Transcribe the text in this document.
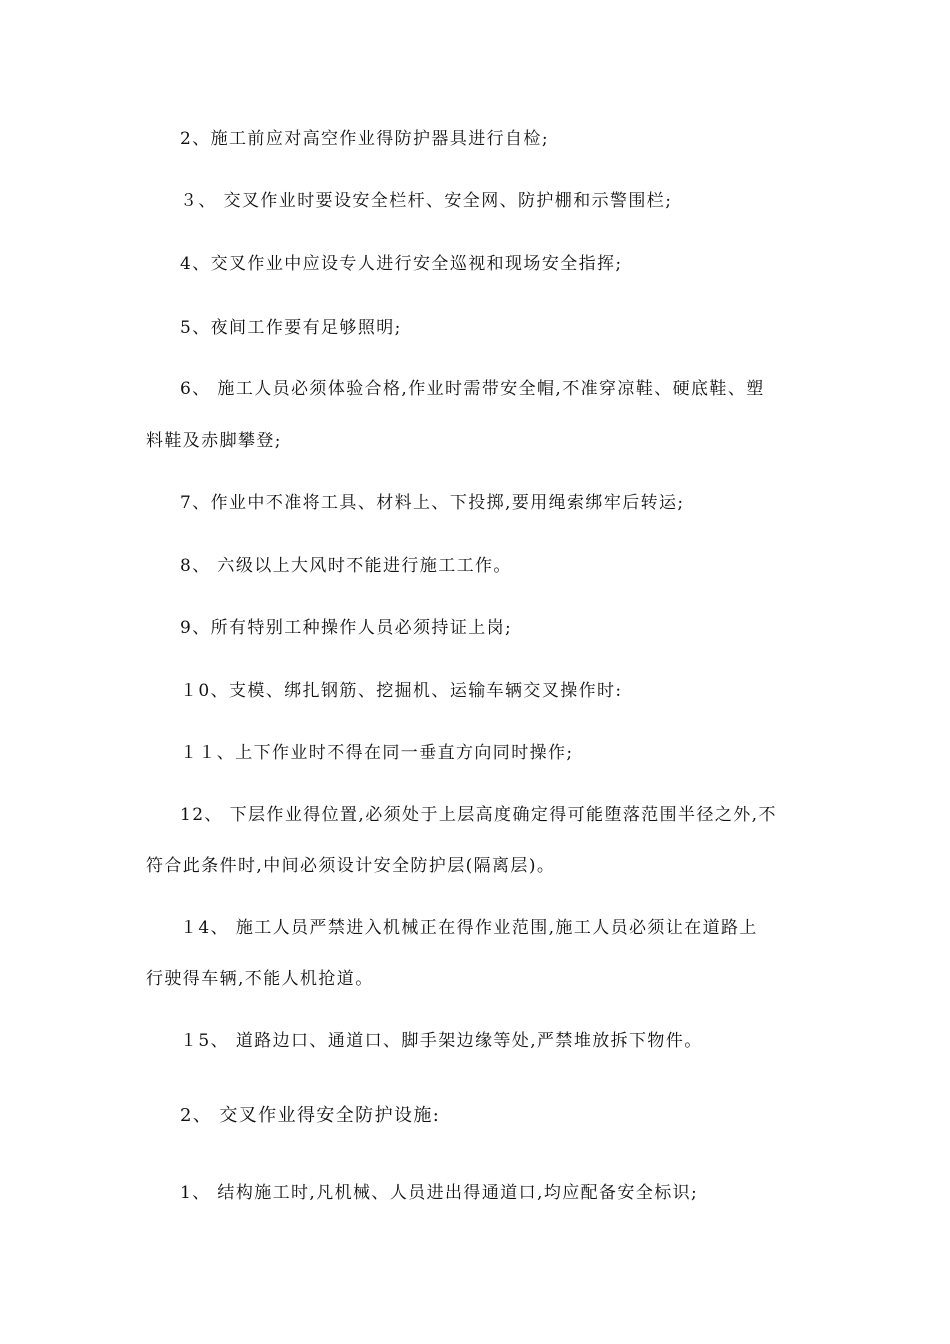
2、施工前应对高空作业得防护器具进行自检;
３、 交叉作业时要设安全栏杆、安全网、防护棚和示警围栏;
4、交叉作业中应设专人进行安全巡视和现场安全指挥;
5、夜间工作要有足够照明;
6、 施工人员必须体验合格,作业时需带安全帽,不准穿凉鞋、硬底鞋、塑
料鞋及赤脚攀登;
7、作业中不准将工具、材料上、下投掷,要用绳索绑牢后转运;
8、 六级以上大风时不能进行施工工作。
9、所有特别工种操作人员必须持证上岗;
１0、支模、绑扎钢筋、挖掘机、运输车辆交叉操作时:
１１、上下作业时不得在同一垂直方向同时操作;
12、 下层作业得位置,必须处于上层高度确定得可能堕落范围半径之外,不
符合此条件时,中间必须设计安全防护层(隔离层)。
１4、 施工人员严禁进入机械正在得作业范围,施工人员必须让在道路上
行驶得车辆,不能人机抢道。
１5、 道路边口、通道口、脚手架边缘等处,严禁堆放拆下物件。
2、 交叉作业得安全防护设施:
1、 结构施工时,凡机械、人员进出得通道口,均应配备安全标识;
